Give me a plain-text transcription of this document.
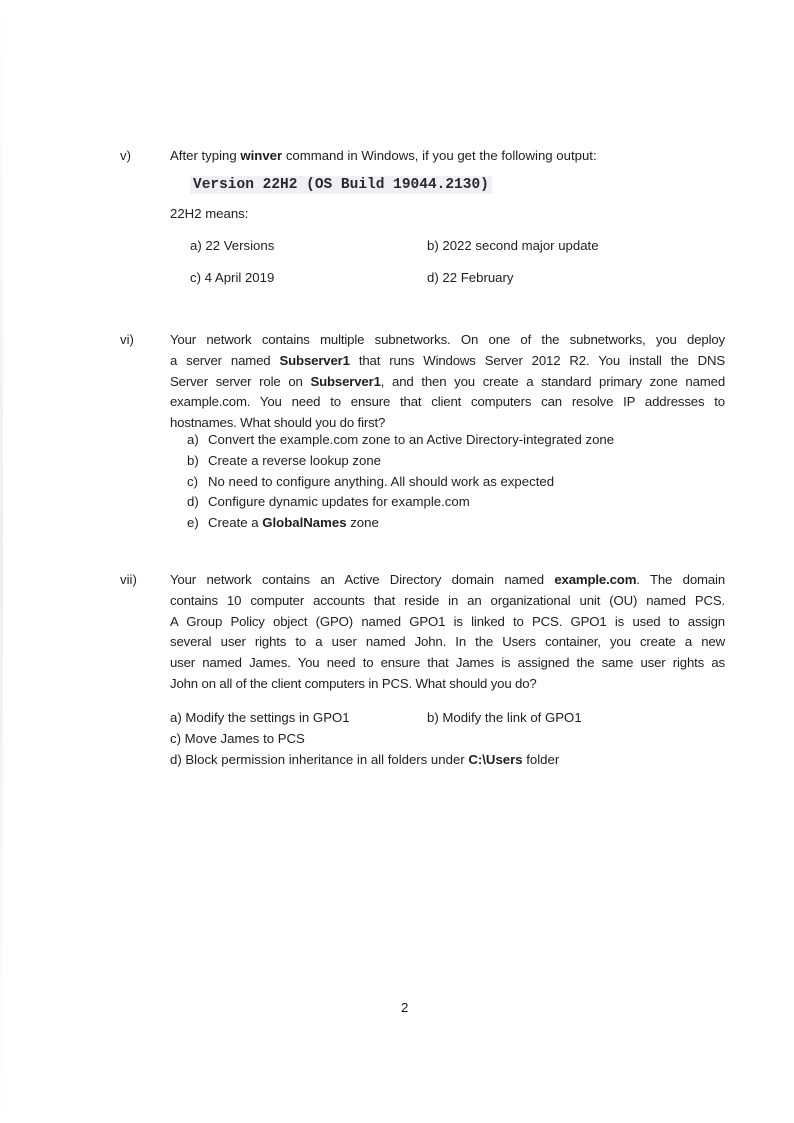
v)	After typing winver command in Windows, if you get the following output:
Version 22H2 (OS Build 19044.2130)
22H2 means:
a) 22 Versions	b) 2022 second major update
c) 4 April 2019	d) 22 February
vi)	Your network contains multiple subnetworks. On one of the subnetworks, you deploy
a server named Subserver1 that runs Windows Server 2012 R2. You install the DNS
Server server role on Subserver1, and then you create a standard primary zone named
example.com. You need to ensure that client computers can resolve IP addresses to
hostnames. What should you do first?
a) Convert the example.com zone to an Active Directory-integrated zone
b) Create a reverse lookup zone
c) No need to configure anything. All should work as expected
d) Configure dynamic updates for example.com
e) Create a GlobalNames zone
vii)	Your network contains an Active Directory domain named example.com. The domain
contains 10 computer accounts that reside in an organizational unit (OU) named PCS.
A Group Policy object (GPO) named GPO1 is linked to PCS. GPO1 is used to assign
several user rights to a user named John. In the Users container, you create a new
user named James. You need to ensure that James is assigned the same user rights as
John on all of the client computers in PCS. What should you do?
a) Modify the settings in GPO1	b) Modify the link of GPO1
c) Move James to PCS
d) Block permission inheritance in all folders under C:\Users folder
2
